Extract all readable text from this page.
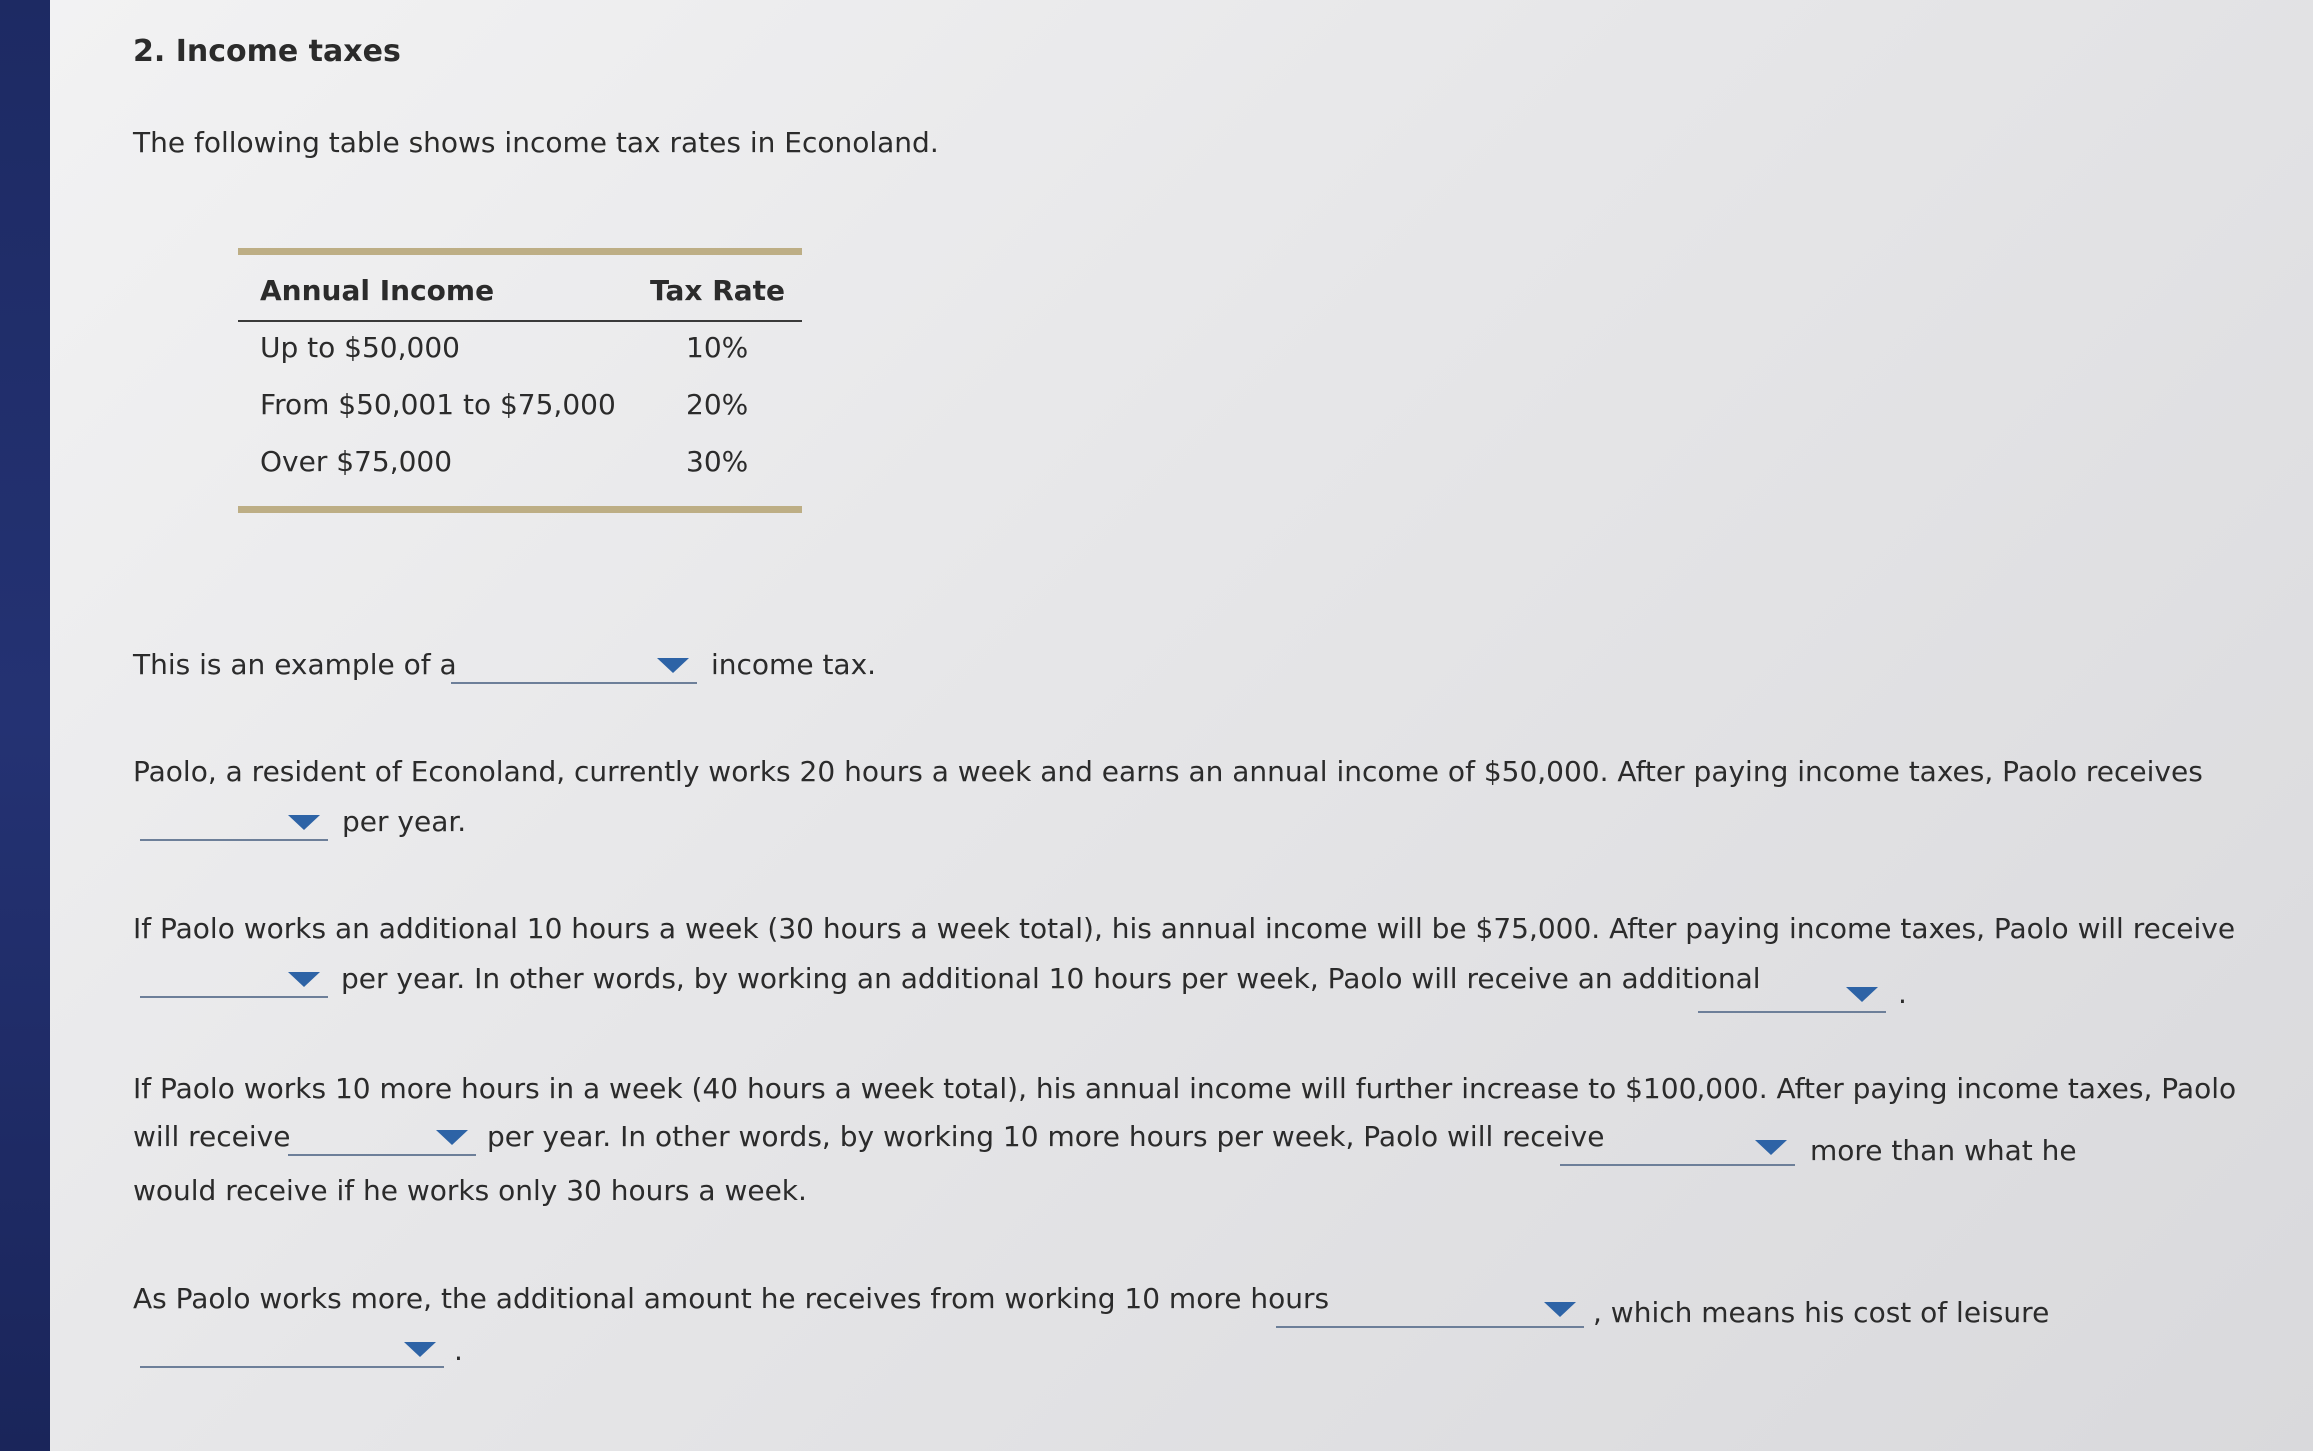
2. Income taxes
The following table shows income tax rates in Econoland.
Annual Income	Tax Rate
Up to $50,000	10%
From $50,001 to $75,000	20%
Over $75,000	30%
This is an example of a	income tax.
Paolo, a resident of Econoland, currently works 20 hours a week and earns an annual income of $50,000. After paying income taxes, Paolo receives
per year.
If Paolo works an additional 10 hours a week (30 hours a week total), his annual income will be $75,000. After paying income taxes, Paolo will receive
per year. In other words, by working an additional 10 hours per week, Paolo will receive an additional	.
If Paolo works 10 more hours in a week (40 hours a week total), his annual income will further increase to $100,000. After paying income taxes, Paolo
will receive	per year. In other words, by working 10 more hours per week, Paolo will receive	more than what he
would receive if he works only 30 hours a week.
As Paolo works more, the additional amount he receives from working 10 more hours	, which means his cost of leisure
.
